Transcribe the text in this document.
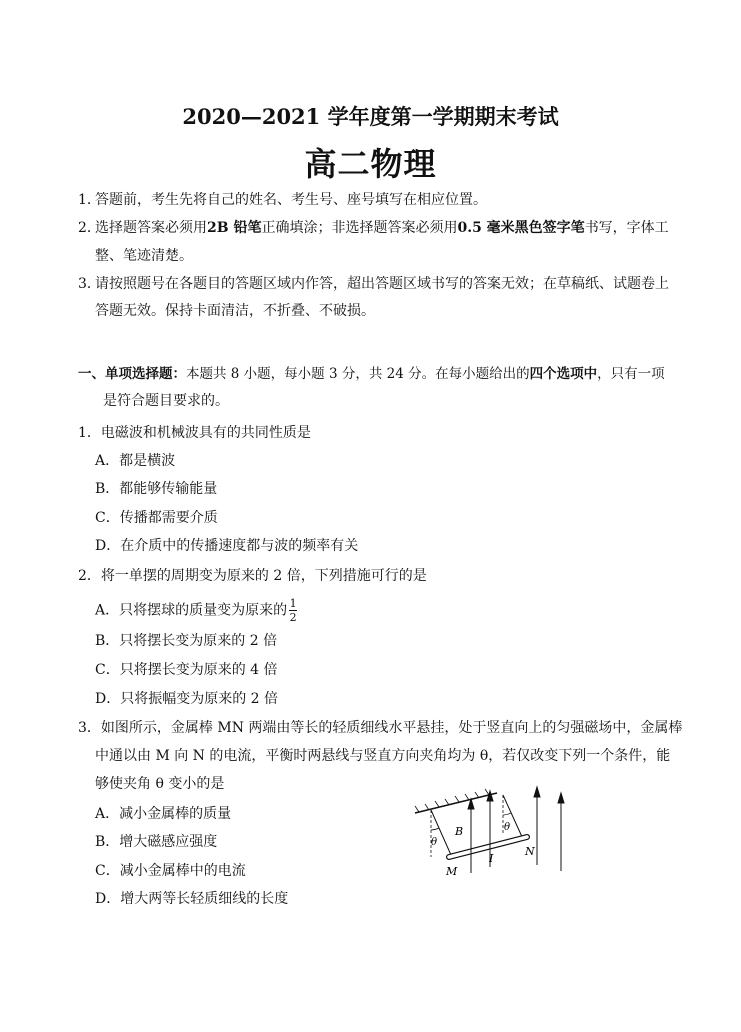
2020—2021 学年度第一学期期末考试
高二物理
1．答题前，考生先将自己的姓名、考生号、座号填写在相应位置。
2．选择题答案必须用2B 铅笔正确填涂；非选择题答案必须用0.5 毫米黑色签字笔书写，字体工
整、笔迹清楚。
3．请按照题号在各题目的答题区域内作答，超出答题区域书写的答案无效；在草稿纸、试题卷上
答题无效。保持卡面清洁，不折叠、不破损。
一、单项选择题：本题共 8 小题，每小题 3 分，共 24 分。在每小题给出的四个选项中，只有一项
是符合题目要求的。
1．电磁波和机械波具有的共同性质是
A．都是横波
B．都能够传输能量
C．传播都需要介质
D．在介质中的传播速度都与波的频率有关
2．将一单摆的周期变为原来的 2 倍，下列措施可行的是
A．只将摆球的质量变为原来的 $\frac{1}{2}$
B．只将摆长变为原来的 2 倍
C．只将摆长变为原来的 4 倍
D．只将振幅变为原来的 2 倍
3．如图所示，金属棒 MN 两端由等长的轻质细线水平悬挂，处于竖直向上的匀强磁场中，金属棒
中通以由 M 向 N 的电流，平衡时两悬线与竖直方向夹角均为 θ，若仅改变下列一个条件，能
够使夹角 θ 变小的是
A．减小金属棒的质量
B．增大磁感应强度
C．减小金属棒中的电流
D．增大两等长轻质细线的长度
B
I
M
N
θ
θ
